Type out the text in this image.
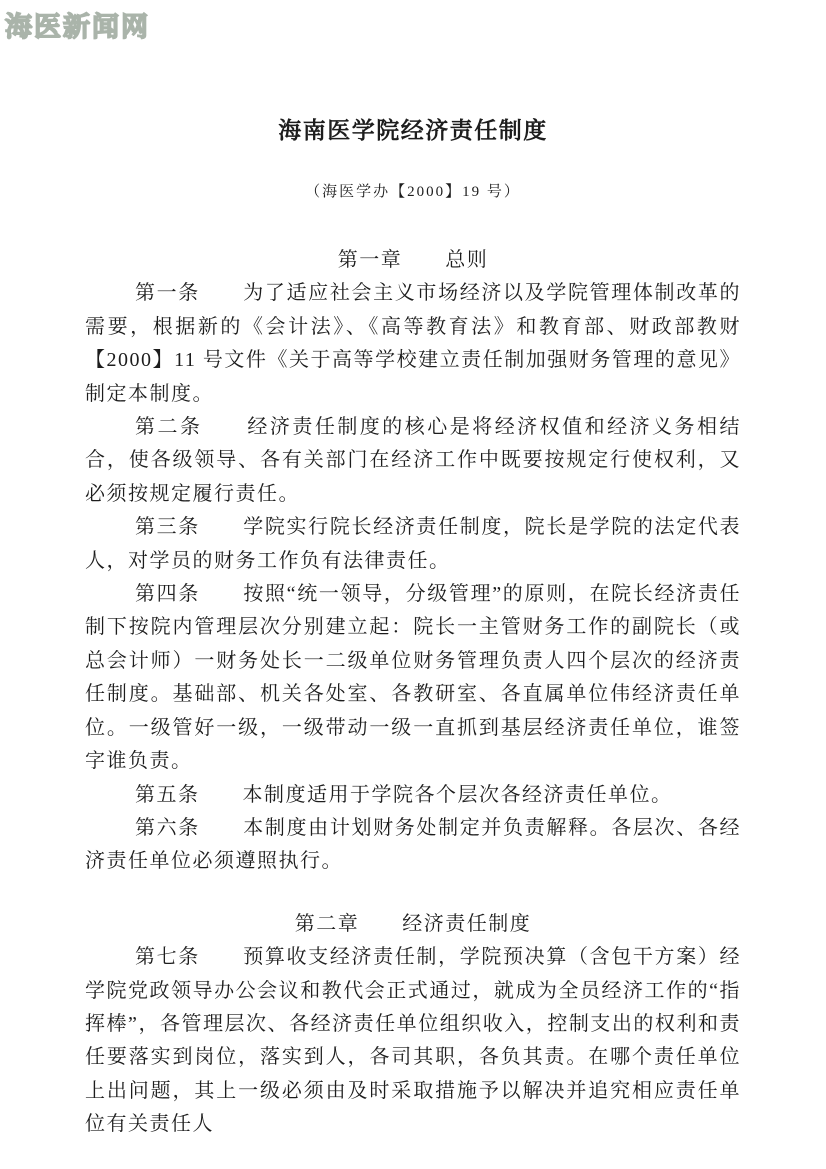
海医新闻网
海南医学院经济责任制度
（海医学办【2000】19 号）
第一章　　总则

第一条　　为了适应社会主义市场经济以及学院管理体制改革的需要，根据新的《会计法》、《高等教育法》和教育部、财政部教财【2000】11 号文件《关于高等学校建立责任制加强财务管理的意见》制定本制度。

第二条　　经济责任制度的核心是将经济权值和经济义务相结合，使各级领导、各有关部门在经济工作中既要按规定行使权利，又必须按规定履行责任。

第三条　　学院实行院长经济责任制度，院长是学院的法定代表人，对学员的财务工作负有法律责任。

第四条　　按照“统一领导，分级管理”的原则，在院长经济责任制下按院内管理层次分别建立起：院长一主管财务工作的副院长（或总会计师）一财务处长一二级单位财务管理负责人四个层次的经济责任制度。基础部、机关各处室、各教研室、各直属单位伟经济责任单位。一级管好一级，一级带动一级一直抓到基层经济责任单位，谁签字谁负责。

第五条　　本制度适用于学院各个层次各经济责任单位。

第六条　　本制度由计划财务处制定并负责解释。各层次、各经济责任单位必须遵照执行。

第二章　　经济责任制度

第七条　　预算收支经济责任制，学院预决算（含包干方案）经学院党政领导办公会议和教代会正式通过，就成为全员经济工作的“指挥棒”，各管理层次、各经济责任单位组织收入，控制支出的权利和责任要落实到岗位，落实到人，各司其职，各负其责。在哪个责任单位上出问题，其上一级必须由及时采取措施予以解决并追究相应责任单位有关责任人
